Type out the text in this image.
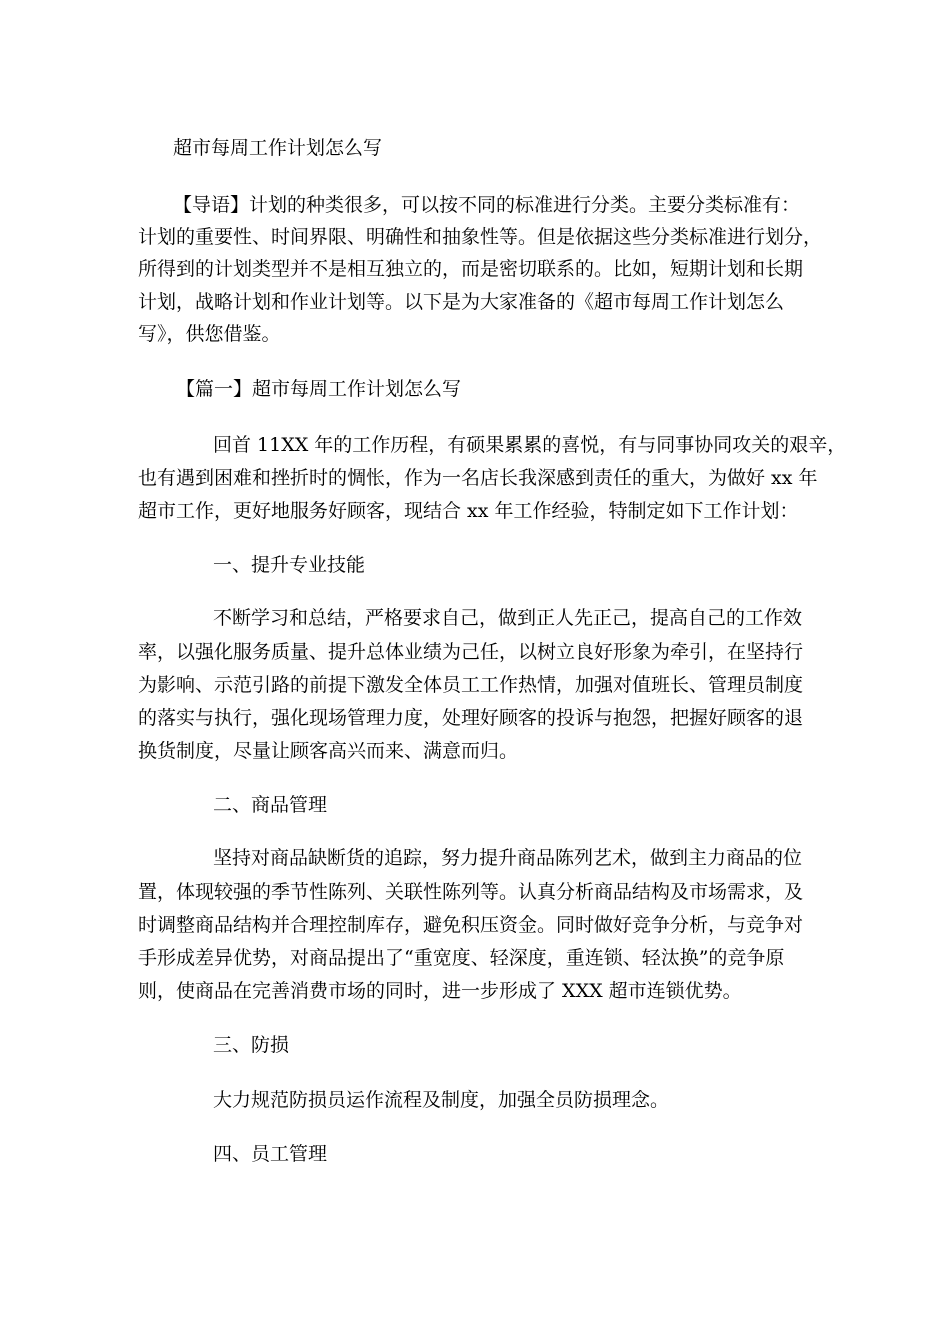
超市每周工作计划怎么写
【导语】计划的种类很多，可以按不同的标准进行分类。主要分类标准有：
计划的重要性、时间界限、明确性和抽象性等。但是依据这些分类标准进行划分，
所得到的计划类型并不是相互独立的，而是密切联系的。比如，短期计划和长期
计划，战略计划和作业计划等。以下是为大家准备的《超市每周工作计划怎么
写》，供您借鉴。
【篇一】超市每周工作计划怎么写
回首 11XX 年的工作历程，有硕果累累的喜悦，有与同事协同攻关的艰辛，
也有遇到困难和挫折时的惆怅，作为一名店长我深感到责任的重大，为做好 xx 年
超市工作，更好地服务好顾客，现结合 xx 年工作经验，特制定如下工作计划：
一、提升专业技能
不断学习和总结，严格要求自己，做到正人先正己，提高自己的工作效
率，以强化服务质量、提升总体业绩为己任，以树立良好形象为牵引，在坚持行
为影响、示范引路的前提下激发全体员工工作热情，加强对值班长、管理员制度
的落实与执行，强化现场管理力度，处理好顾客的投诉与抱怨，把握好顾客的退
换货制度，尽量让顾客高兴而来、满意而归。
二、商品管理
坚持对商品缺断货的追踪，努力提升商品陈列艺术，做到主力商品的位
置，体现较强的季节性陈列、关联性陈列等。认真分析商品结构及市场需求，及
时调整商品结构并合理控制库存，避免积压资金。同时做好竞争分析，与竞争对
手形成差异优势，对商品提出了“重宽度、轻深度，重连锁、轻汰换”的竞争原
则，使商品在完善消费市场的同时，进一步形成了 XXX 超市连锁优势。
三、防损
大力规范防损员运作流程及制度，加强全员防损理念。
四、员工管理
